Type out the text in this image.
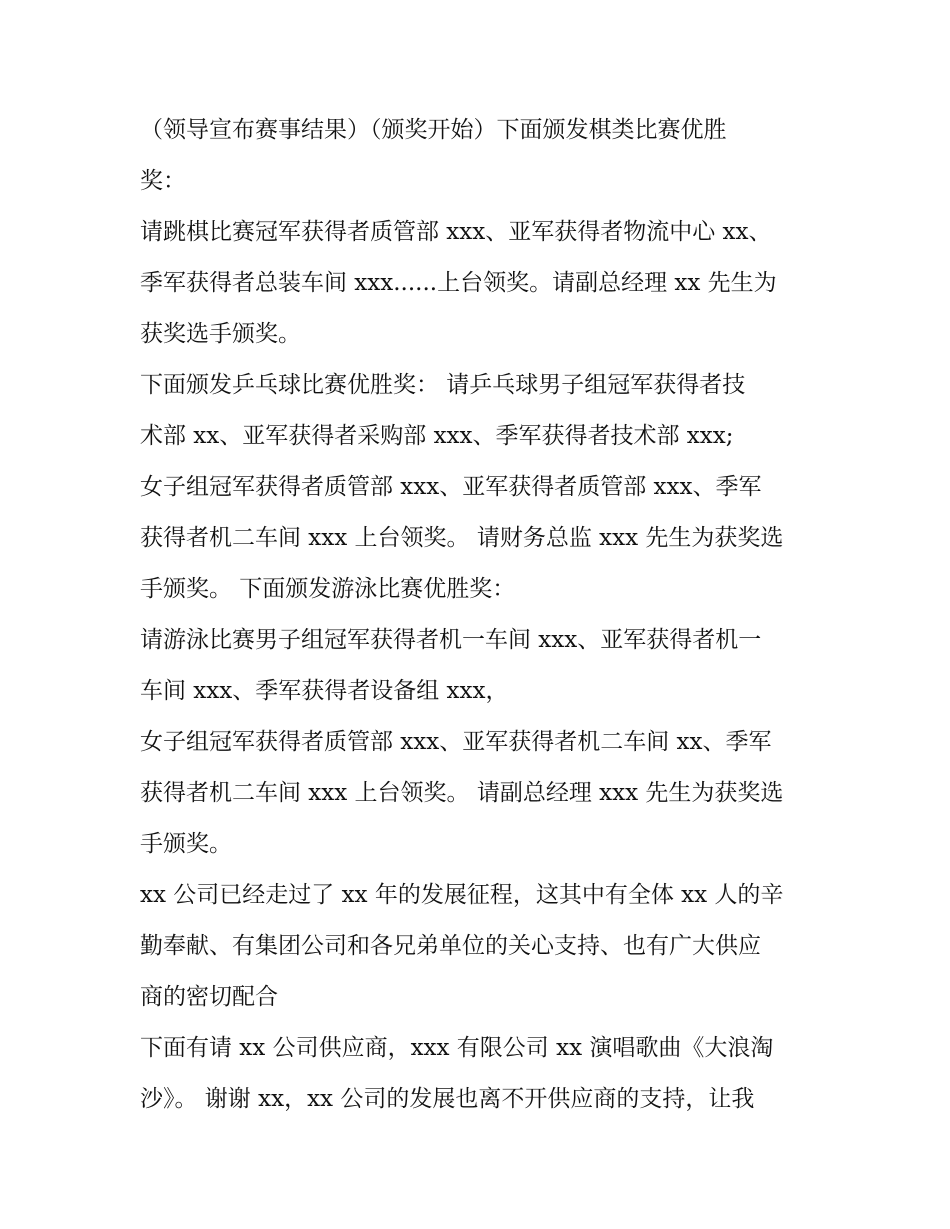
（领导宣布赛事结果）（颁奖开始）下面颁发棋类比赛优胜
奖：
请跳棋比赛冠军获得者质管部 xxx、亚军获得者物流中心 xx、
季军获得者总装车间 xxx......上台领奖。请副总经理 xx 先生为
获奖选手颁奖。
下面颁发乒乓球比赛优胜奖： 请乒乓球男子组冠军获得者技
术部 xx、亚军获得者采购部 xxx、季军获得者技术部 xxx;
女子组冠军获得者质管部 xxx、亚军获得者质管部 xxx、季军
获得者机二车间 xxx 上台领奖。 请财务总监 xxx 先生为获奖选
手颁奖。 下面颁发游泳比赛优胜奖：
请游泳比赛男子组冠军获得者机一车间 xxx、亚军获得者机一
车间 xxx、季军获得者设备组 xxx，
女子组冠军获得者质管部 xxx、亚军获得者机二车间 xx、季军
获得者机二车间 xxx 上台领奖。 请副总经理 xxx 先生为获奖选
手颁奖。
xx 公司已经走过了 xx 年的发展征程，这其中有全体 xx 人的辛
勤奉献、有集团公司和各兄弟单位的关心支持、也有广大供应
商的密切配合
下面有请 xx 公司供应商，xxx 有限公司 xx 演唱歌曲《大浪淘
沙》。 谢谢 xx，xx 公司的发展也离不开供应商的支持，让我
